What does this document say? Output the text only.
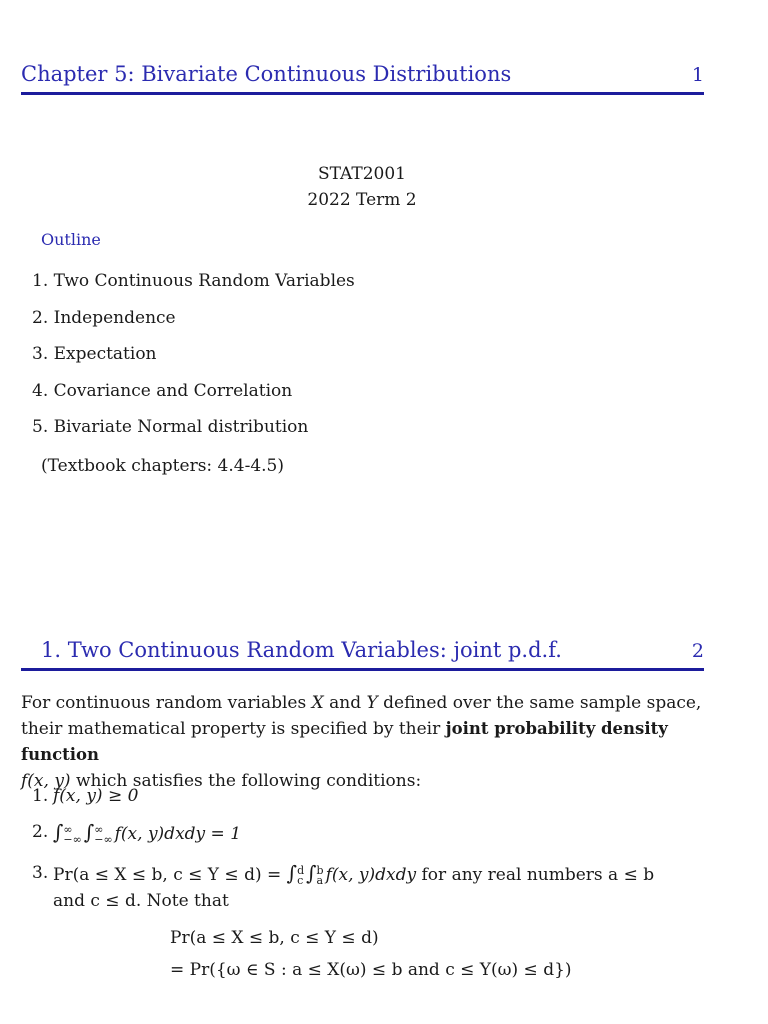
Chapter 5: Bivariate Continuous Distributions	1
STAT2001
2022 Term 2
Outline
1. Two Continuous Random Variables
2. Independence
3. Expectation
4. Covariance and Correlation
5. Bivariate Normal distribution
(Textbook chapters: 4.4-4.5)
1. Two Continuous Random Variables: joint p.d.f.	2
For continuous random variables X and Y defined over the same sample space, their mathematical property is specified by their joint probability density function
f(x, y) which satisfies the following conditions:
1. f(x, y) ≥ 0
2. ∫ ∞
−∞ ∫ ∞
−∞ f(x, y)dxdy = 1
3. Pr(a ≤ X ≤ b, c ≤ Y ≤ d) = ∫ d
c ∫ b
a f(x, y)dxdy for any real numbers a ≤ b
and c ≤ d. Note that
Pr(a ≤ X ≤ b, c ≤ Y ≤ d)
= Pr({ω ∈ S : a ≤ X(ω) ≤ b and c ≤ Y(ω) ≤ d})
